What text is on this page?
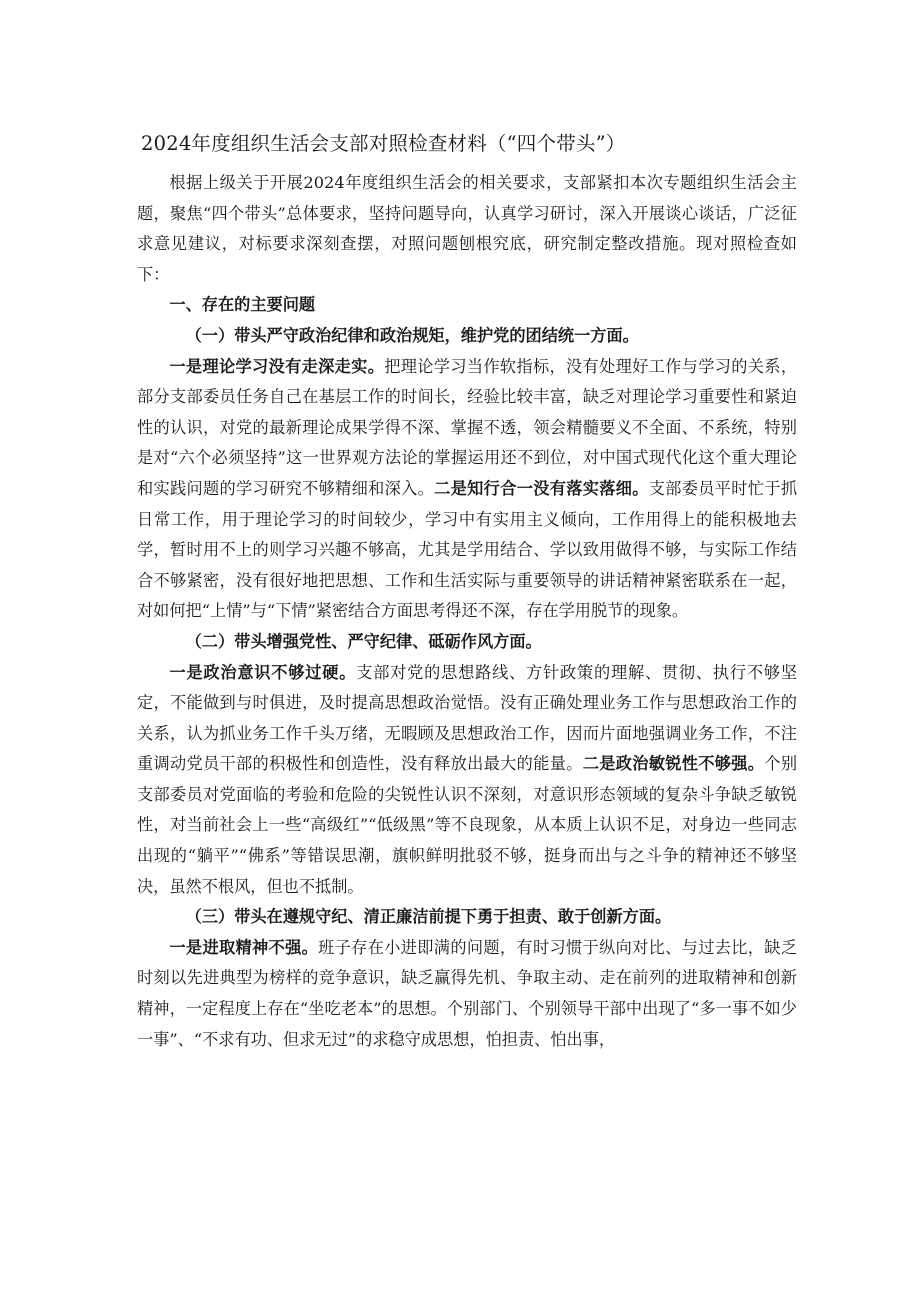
2024年度组织生活会支部对照检查材料（“四个带头”）

根据上级关于开展2024年度组织生活会的相关要求，支部紧扣本次专题组织生活会主题，聚焦“四个带头”总体要求，坚持问题导向，认真学习研讨，深入开展谈心谈话，广泛征求意见建议，对标要求深刻查摆，对照问题刨根究底，研究制定整改措施。现对照检查如下：

一、存在的主要问题

（一）带头严守政治纪律和政治规矩，维护党的团结统一方面。

一是理论学习没有走深走实。把理论学习当作软指标，没有处理好工作与学习的关系，部分支部委员任务自己在基层工作的时间长，经验比较丰富，缺乏对理论学习重要性和紧迫性的认识，对党的最新理论成果学得不深、掌握不透，领会精髓要义不全面、不系统，特别是对“六个必须坚持”这一世界观方法论的掌握运用还不到位，对中国式现代化这个重大理论和实践问题的学习研究不够精细和深入。二是知行合一没有落实落细。支部委员平时忙于抓日常工作，用于理论学习的时间较少，学习中有实用主义倾向，工作用得上的能积极地去学，暂时用不上的则学习兴趣不够高，尤其是学用结合、学以致用做得不够，与实际工作结合不够紧密，没有很好地把思想、工作和生活实际与重要领导的讲话精神紧密联系在一起，对如何把“上情”与“下情”紧密结合方面思考得还不深，存在学用脱节的现象。

（二）带头增强党性、严守纪律、砥砺作风方面。

一是政治意识不够过硬。支部对党的思想路线、方针政策的理解、贯彻、执行不够坚定，不能做到与时俱进，及时提高思想政治觉悟。没有正确处理业务工作与思想政治工作的关系，认为抓业务工作千头万绪，无暇顾及思想政治工作，因而片面地强调业务工作，不注重调动党员干部的积极性和创造性，没有释放出最大的能量。二是政治敏锐性不够强。个别支部委员对党面临的考验和危险的尖锐性认识不深刻，对意识形态领域的复杂斗争缺乏敏锐性，对当前社会上一些“高级红”“低级黑”等不良现象，从本质上认识不足，对身边一些同志出现的“躺平”“佛系”等错误思潮，旗帜鲜明批驳不够，挺身而出与之斗争的精神还不够坚决，虽然不根风，但也不抵制。

（三）带头在遵规守纪、清正廉洁前提下勇于担责、敢于创新方面。

一是进取精神不强。班子存在小进即满的问题，有时习惯于纵向对比、与过去比，缺乏时刻以先进典型为榜样的竞争意识，缺乏赢得先机、争取主动、走在前列的进取精神和创新精神，一定程度上存在“坐吃老本”的思想。个别部门、个别领导干部中出现了“多一事不如少一事”、“不求有功、但求无过”的求稳守成思想，怕担责、怕出事，
